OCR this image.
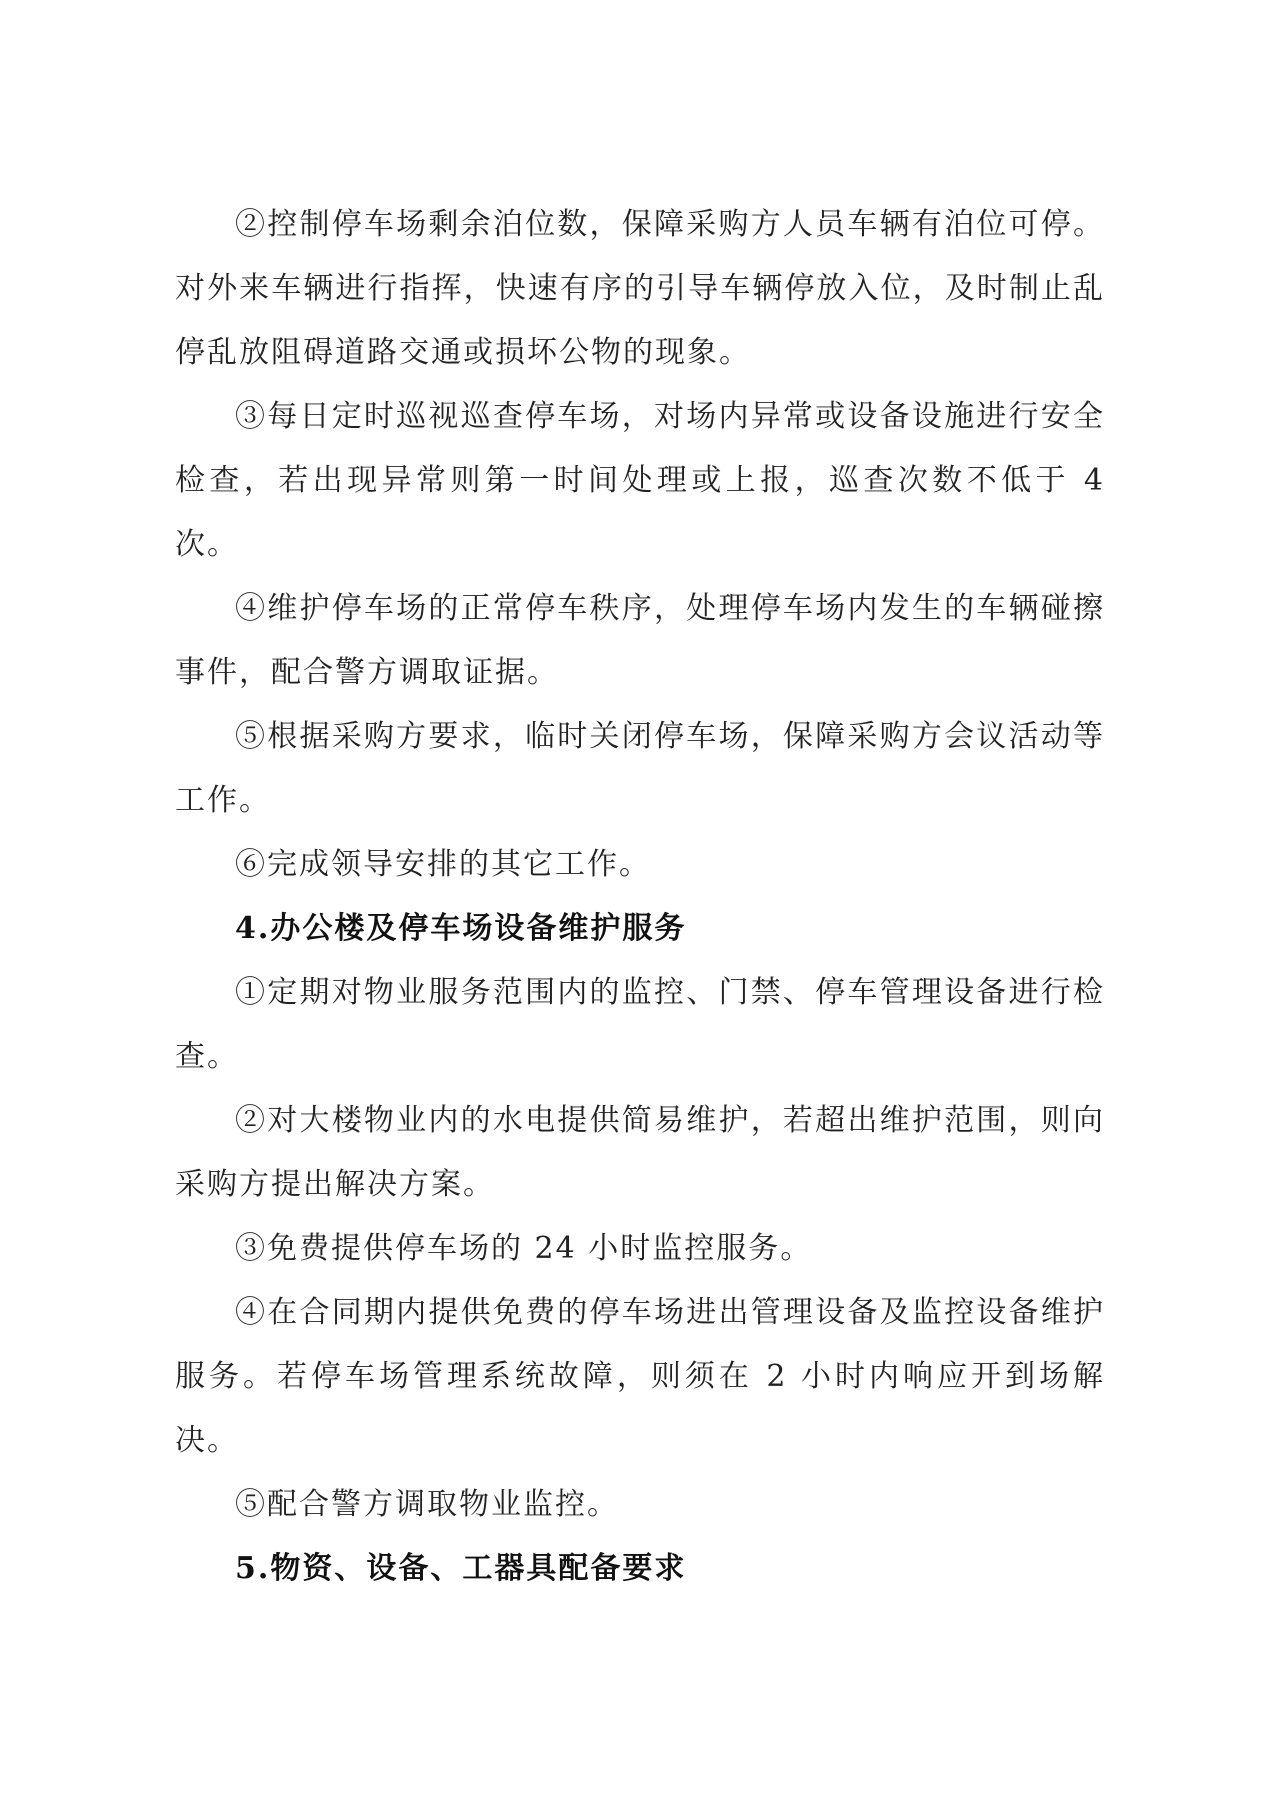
②控制停车场剩余泊位数，保障采购方人员车辆有泊位可停。对外来车辆进行指挥，快速有序的引导车辆停放入位，及时制止乱停乱放阻碍道路交通或损坏公物的现象。

③每日定时巡视巡查停车场，对场内异常或设备设施进行安全检查，若出现异常则第一时间处理或上报，巡查次数不低于 4 次。

④维护停车场的正常停车秩序，处理停车场内发生的车辆碰擦事件，配合警方调取证据。

⑤根据采购方要求，临时关闭停车场，保障采购方会议活动等工作。

⑥完成领导安排的其它工作。

4.办公楼及停车场设备维护服务

①定期对物业服务范围内的监控、门禁、停车管理设备进行检查。

②对大楼物业内的水电提供简易维护，若超出维护范围，则向采购方提出解决方案。

③免费提供停车场的 24 小时监控服务。

④在合同期内提供免费的停车场进出管理设备及监控设备维护服务。若停车场管理系统故障，则须在 2 小时内响应开到场解决。

⑤配合警方调取物业监控。

5.物资、设备、工器具配备要求
